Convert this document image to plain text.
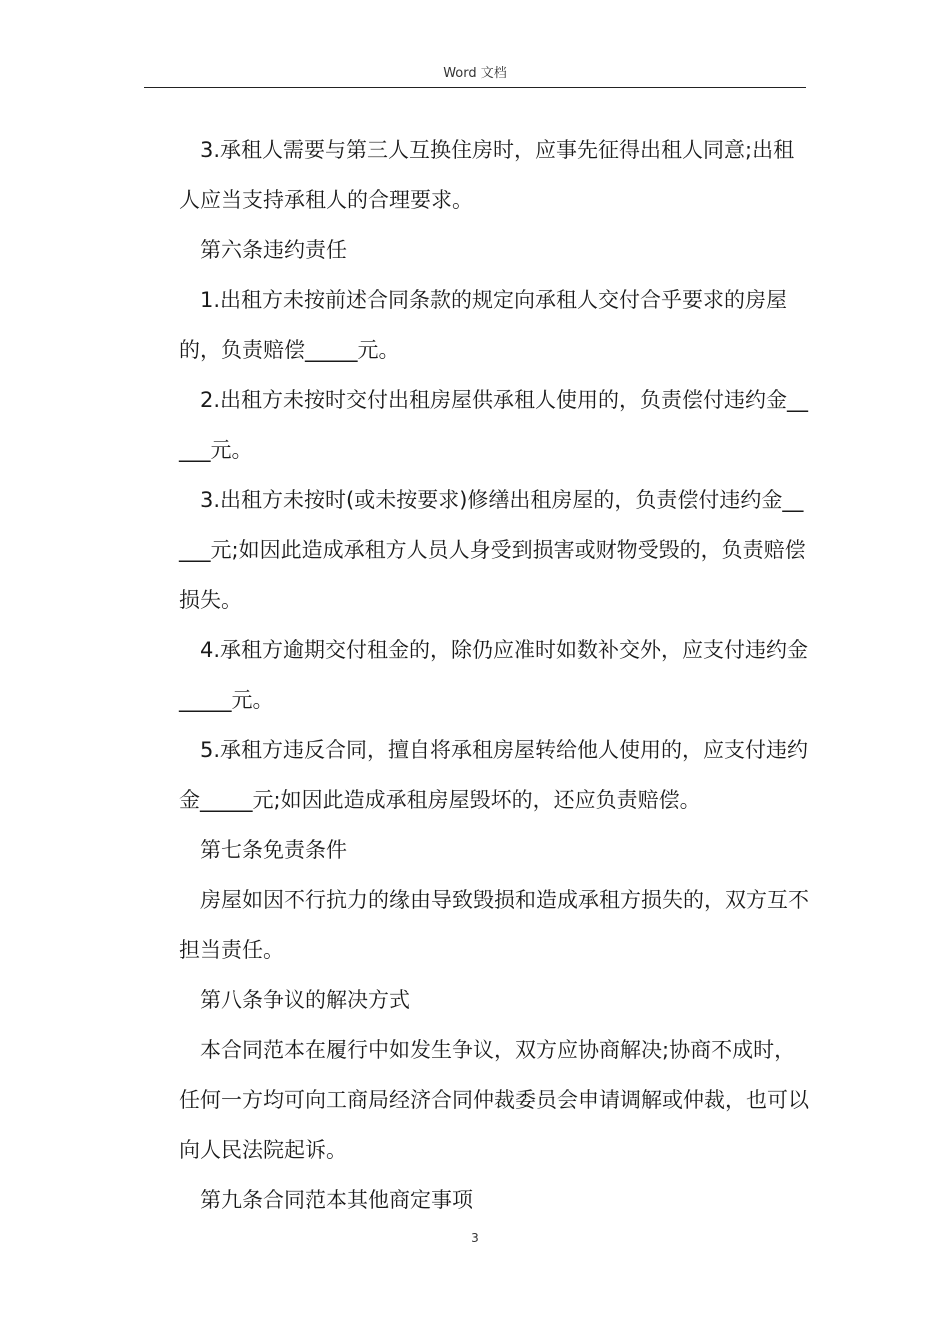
Word 文档

3.承租人需要与第三人互换住房时，应事先征得出租人同意;出租人应当支持承租人的合理要求。

第六条违约责任

1.出租方未按前述合同条款的规定向承租人交付合乎要求的房屋的，负责赔偿_____元。

2.出租方未按时交付出租房屋供承租人使用的，负责偿付违约金_____元。

3.出租方未按时(或未按要求)修缮出租房屋的，负责偿付违约金_____元;如因此造成承租方人员人身受到损害或财物受毁的，负责赔偿损失。

4.承租方逾期交付租金的，除仍应准时如数补交外，应支付违约金_____元。

5.承租方违反合同，擅自将承租房屋转给他人使用的，应支付违约金_____元;如因此造成承租房屋毁坏的，还应负责赔偿。

第七条免责条件

房屋如因不行抗力的缘由导致毁损和造成承租方损失的，双方互不担当责任。

第八条争议的解决方式

本合同范本在履行中如发生争议，双方应协商解决;协商不成时，任何一方均可向工商局经济合同仲裁委员会申请调解或仲裁，也可以向人民法院起诉。

第九条合同范本其他商定事项

3
